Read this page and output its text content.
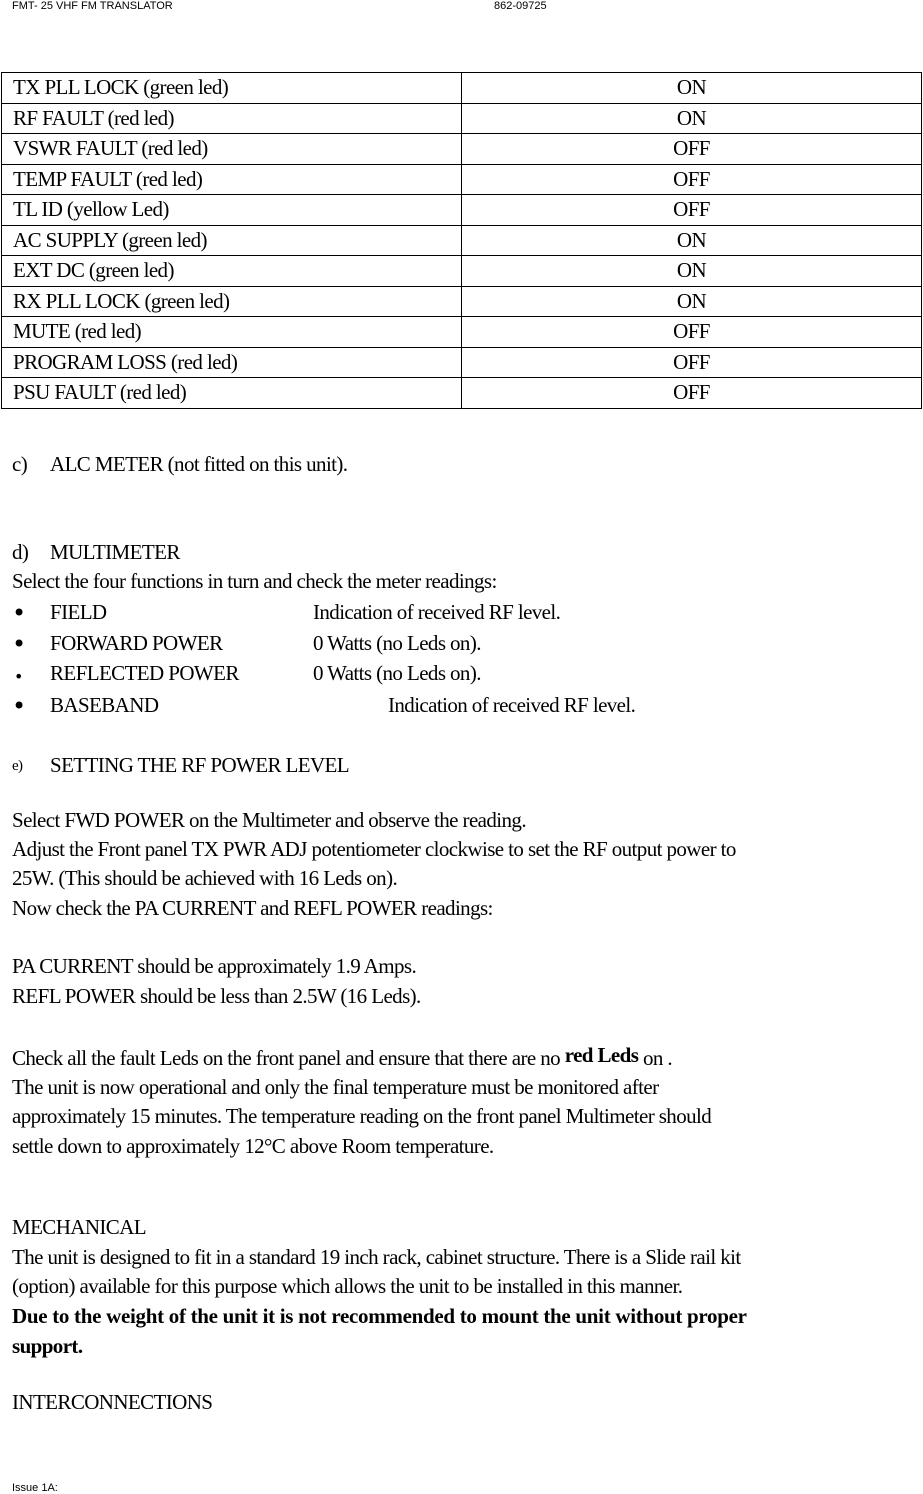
FMT- 25 VHF FM TRANSLATOR	862-09725
TX PLL LOCK (green led)	ON
RF FAULT (red led)	ON
VSWR FAULT (red led)	OFF
TEMP FAULT (red led)	OFF
TL ID (yellow Led)	OFF
AC SUPPLY (green led)	ON
EXT DC (green led)	ON
RX PLL LOCK (green led)	ON
MUTE (red led)	OFF
PROGRAM LOSS (red led)	OFF
PSU FAULT (red led)	OFF
c) ALC METER (not fitted on this unit).
d) MULTIMETER
Select the four functions in turn and check the meter readings:
• FIELD	Indication of received RF level.
• FORWARD POWER	0 Watts (no Leds on).
• REFLECTED POWER	0 Watts (no Leds on).
• BASEBAND	Indication of received RF level.
e) SETTING THE RF POWER LEVEL
Select FWD POWER on the Multimeter and observe the reading.
Adjust the Front panel TX PWR ADJ potentiometer clockwise to set the RF output power to
25W. (This should be achieved with 16 Leds on).
Now check the PA CURRENT and REFL POWER readings:
PA CURRENT should be approximately 1.9 Amps.
REFL POWER should be less than 2.5W (16 Leds).
Check all the fault Leds on the front panel and ensure that there are no red Leds on .
The unit is now operational and only the final temperature must be monitored after
approximately 15 minutes. The temperature reading on the front panel Multimeter should
settle down to approximately 12°C above Room temperature.
MECHANICAL
The unit is designed to fit in a standard 19 inch rack, cabinet structure. There is a Slide rail kit
(option) available for this purpose which allows the unit to be installed in this manner.
Due to the weight of the unit it is not recommended to mount the unit without proper
support.
INTERCONNECTIONS
Issue 1A:
